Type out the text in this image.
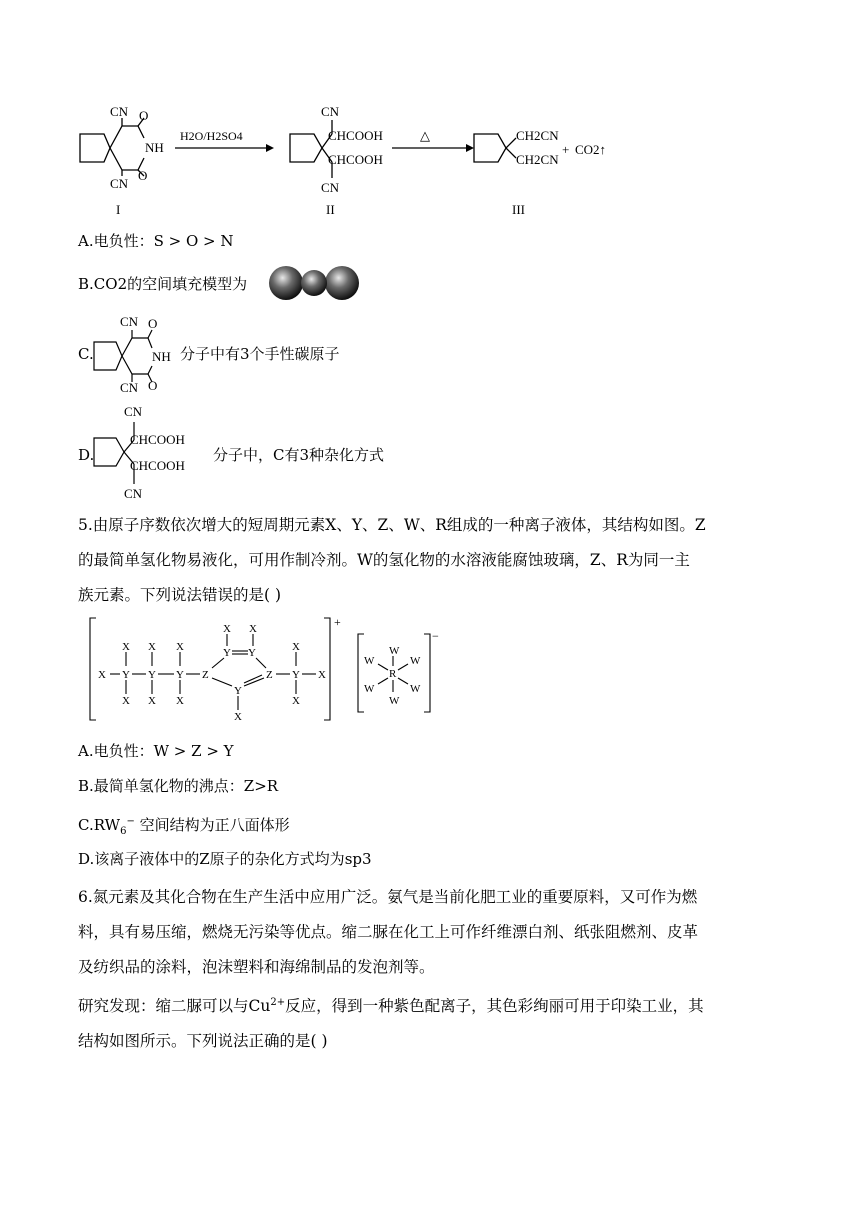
CN
CN
O
O
NH
I
H2O/H2SO4
CN
CN
CHCOOH
CHCOOH
II
△	CH2CN
CH2CN
+ CO2↑
III
A.电负性：S > O > N
B.CO2的空间填充模型为
C.
CN
CN
O
O
NH 分子中有3个手性碳原子
D.
CN
CN
CHCOOH
CHCOOH
分子中，C有3种杂化方式
5.由原子序数依次增大的短周期元素X、Y、Z、W、R组成的一种离子液体，其结构如图。Z
的最简单氢化物易液化，可用作制冷剂。W的氢化物的水溶液能腐蚀玻璃，Z、R为同一主
族元素。下列说法错误的是( )
X Y Y Y
X X X
X X X
Z
Y Y
X X
Z
Y
X
Y
X
X
X	R
W
W
W	W
W	W
+
−
A.电负性：W > Z > Y
B.最简单氢化物的沸点：Z>R
$C.RW_6^-$ 空间结构为正八面体形
D.该离子液体中的Z原子的杂化方式均为sp3
6.氮元素及其化合物在生产生活中应用广泛。氨气是当前化肥工业的重要原料，又可作为燃
料，具有易压缩，燃烧无污染等优点。缩二脲在化工上可作纤维漂白剂、纸张阻燃剂、皮革
及纺织品的涂料，泡沫塑料和海绵制品的发泡剂等。
研究发现：缩二脲可以与$Cu^{2+}$反应，得到一种紫色配离子，其色彩绚丽可用于印染工业，其
结构如图所示。下列说法正确的是( )
